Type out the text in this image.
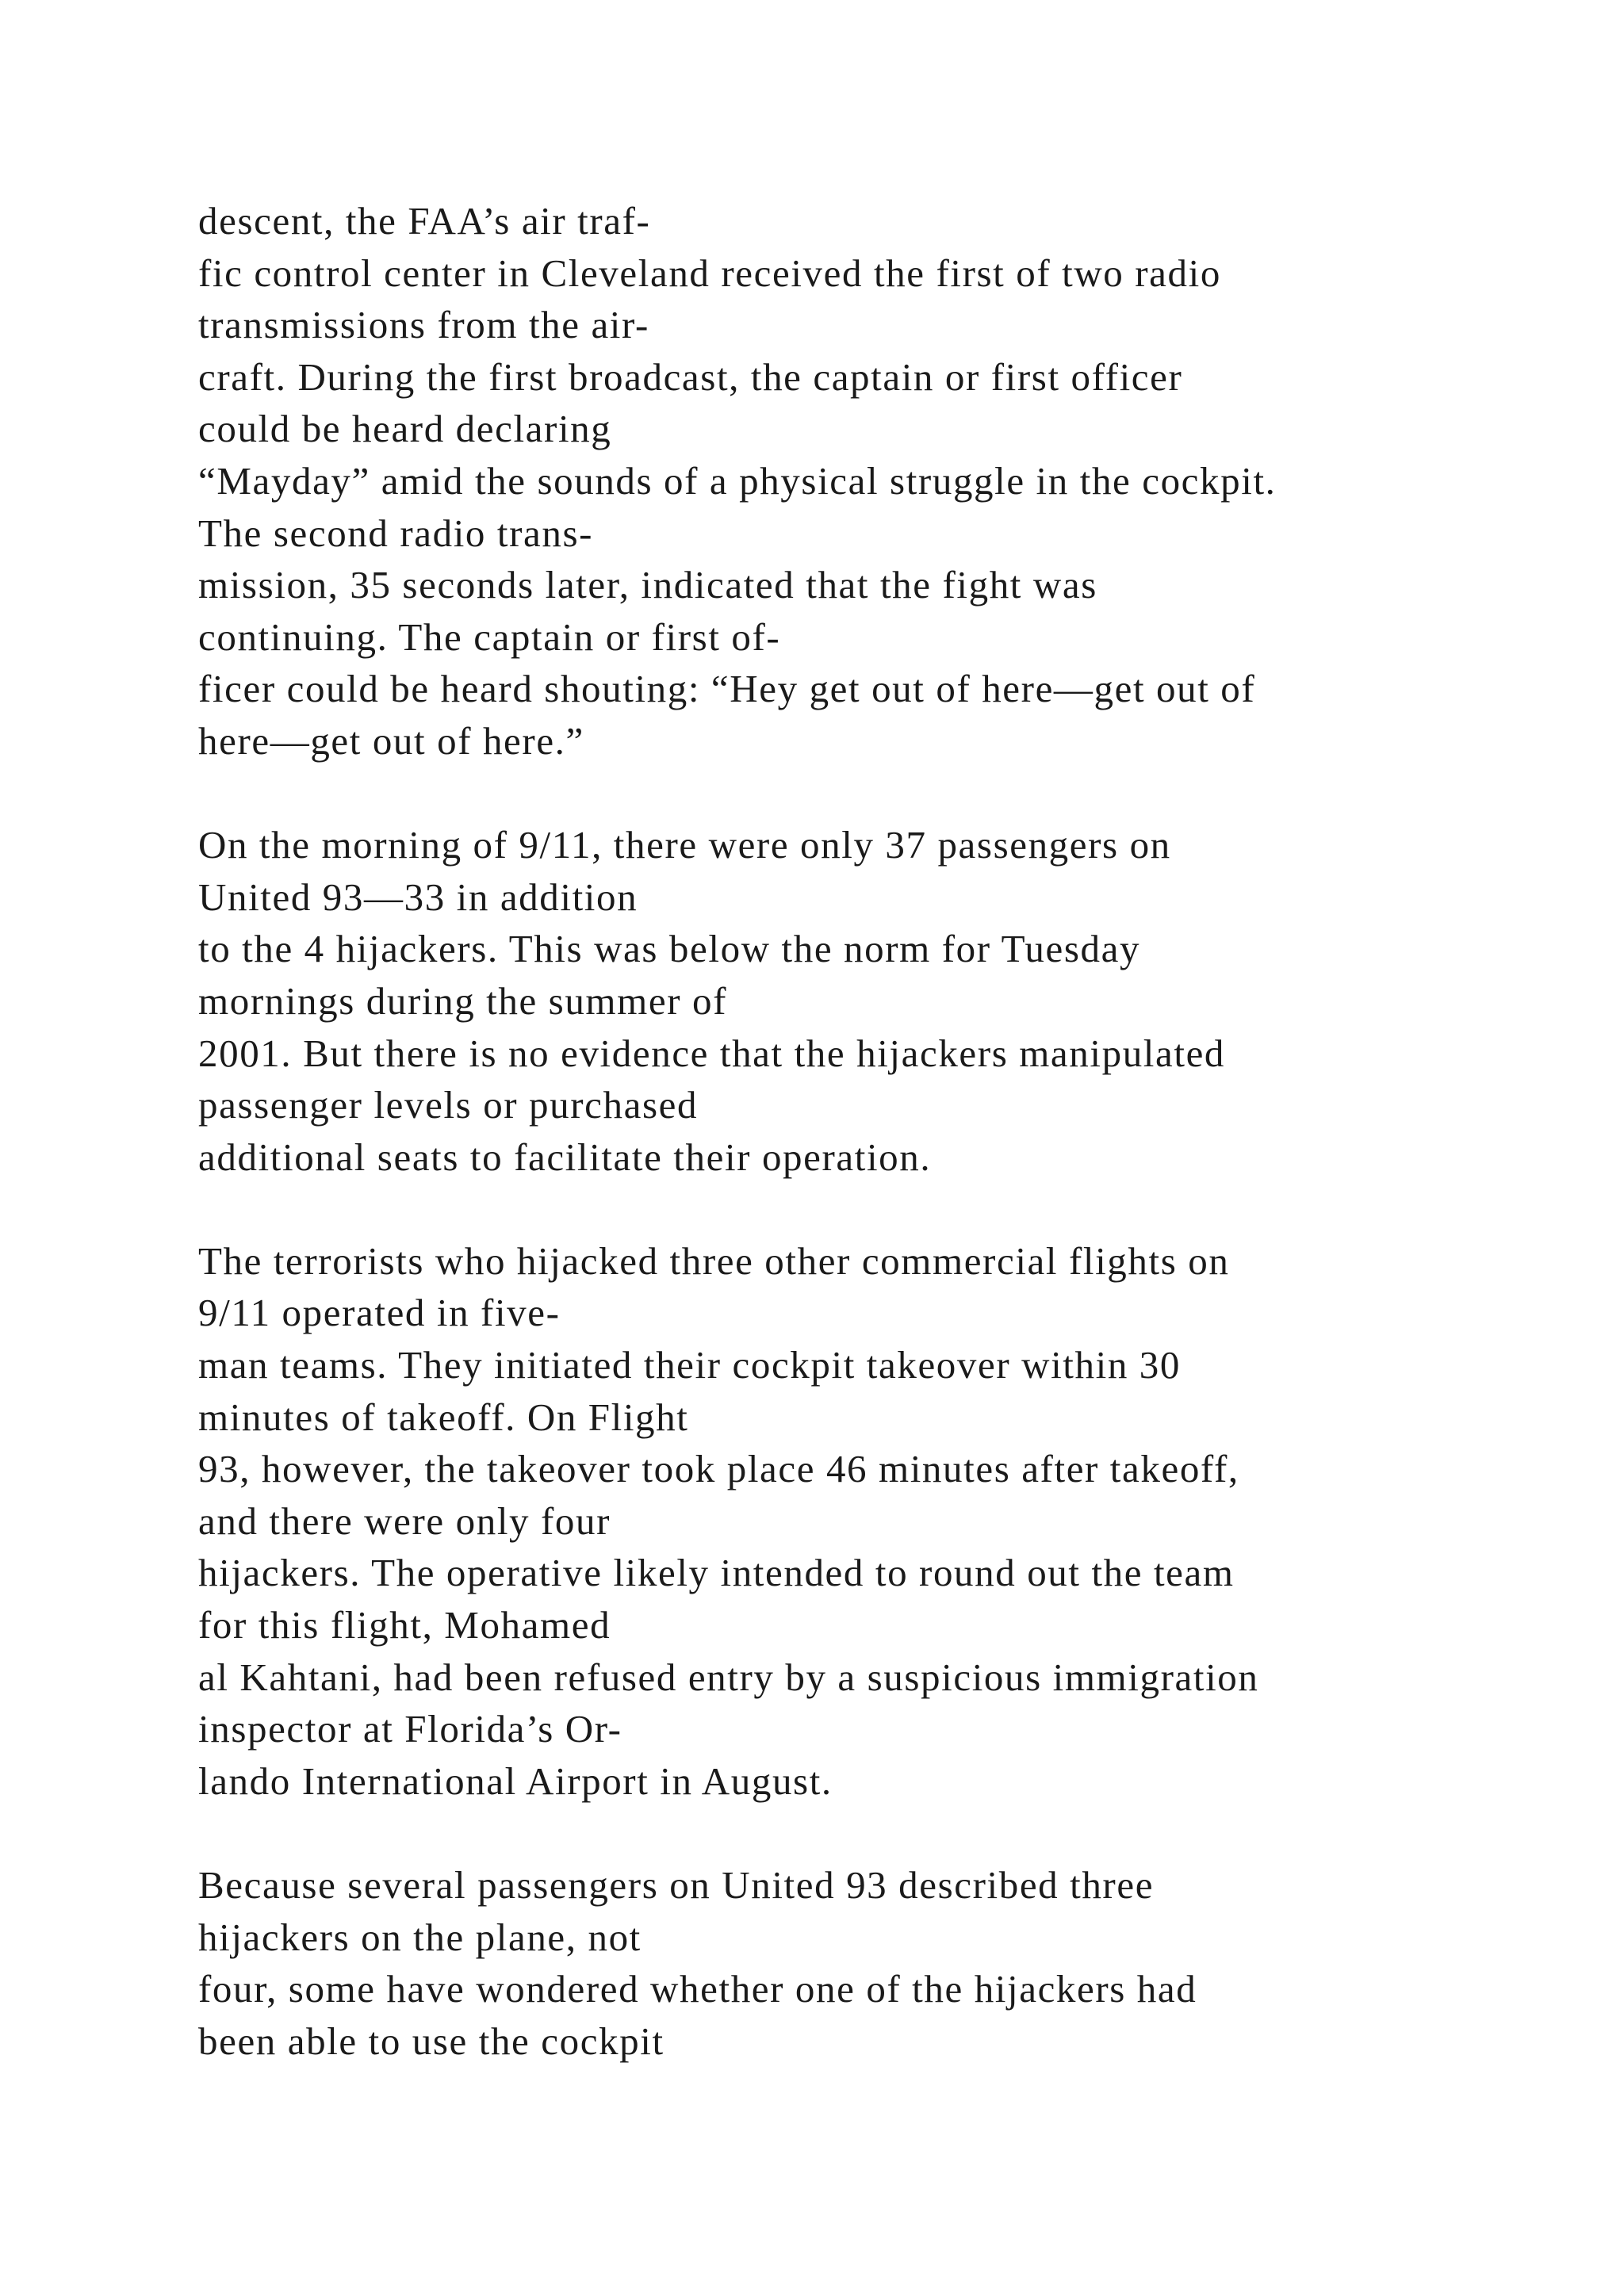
descent, the FAA’s air traf-
fic control center in Cleveland received the first of two radio
transmissions from the air-
craft. During the first broadcast, the captain or first officer
could be heard declaring
“Mayday” amid the sounds of a physical struggle in the cockpit.
The second radio trans-
mission, 35 seconds later, indicated that the fight was
continuing. The captain or first of-
ficer could be heard shouting: “Hey get out of here—get out of
here—get out of here.”
On the morning of 9/11, there were only 37 passengers on
United 93—33 in addition
to the 4 hijackers. This was below the norm for Tuesday
mornings during the summer of
2001. But there is no evidence that the hijackers manipulated
passenger levels or purchased
additional seats to facilitate their operation.
The terrorists who hijacked three other commercial flights on
9/11 operated in five-
man teams. They initiated their cockpit takeover within 30
minutes of takeoff. On Flight
93, however, the takeover took place 46 minutes after takeoff,
and there were only four
hijackers. The operative likely intended to round out the team
for this flight, Mohamed
al Kahtani, had been refused entry by a suspicious immigration
inspector at Florida’s Or-
lando International Airport in August.
Because several passengers on United 93 described three
hijackers on the plane, not
four, some have wondered whether one of the hijackers had
been able to use the cockpit
